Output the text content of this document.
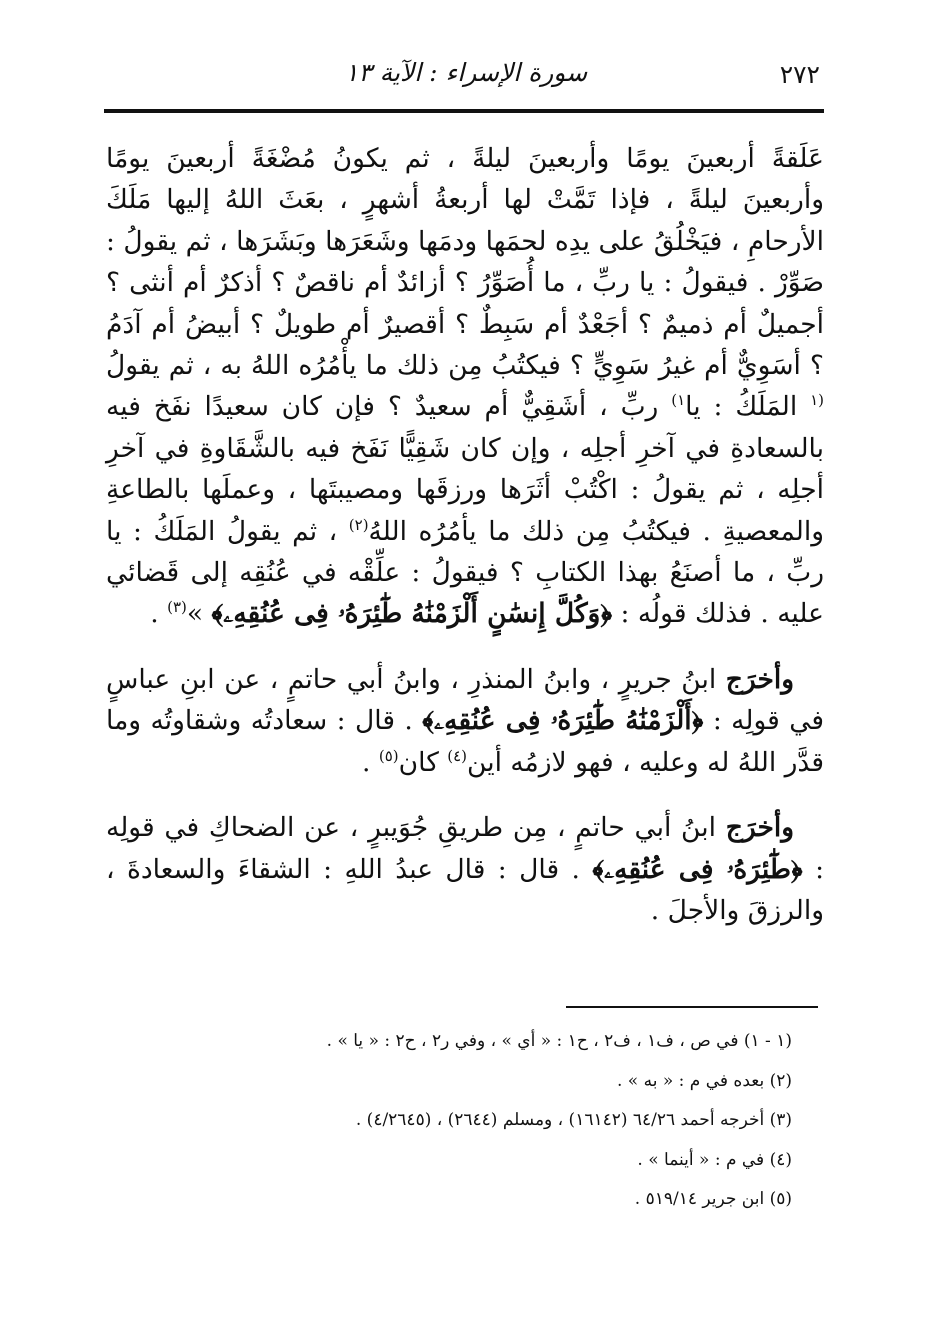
٢٧٢
سورة الإسراء : الآية ١٣

عَلَقةً أربعينَ يومًا وأربعينَ ليلةً ، ثم يكونُ مُضْغَةً أربعينَ يومًا وأربعينَ ليلةً ، فإذا تَمَّتْ لها أربعةُ أشهرٍ ، بعَثَ اللهُ إليها مَلَكَ الأرحامِ ، فيَخْلُقُ على يدِه لحمَها ودمَها وشَعَرَها وبَشَرَها ، ثم يقولُ : صَوِّرْ . فيقولُ : يا ربِّ ، ما أُصَوِّرُ ؟ أزائدٌ أم ناقصٌ ؟ أذكرٌ أم أنثى ؟ أجميلٌ أم ذميمٌ ؟ أجَعْدٌ أم سَبِطٌ ؟ أقصيرٌ أم طويلٌ ؟ أبيضُ أم آدَمُ ؟ أسَوِيٌّ أم غيرُ سَوِيٍّ ؟ فيكتُبُ مِن ذلك ما يأْمُرُه اللهُ به ، ثم يقولُ $^{(١}$ المَلَكُ : يا$^{١)}$ ربِّ ، أشَقِيٌّ أم سعيدٌ ؟ فإن كان سعيدًا نفَخ فيه بالسعادةِ في آخرِ أجلِه ، وإن كان شَقِيًّا نَفَخ فيه بالشَّقَاوةِ في آخرِ أجلِه ، ثم يقولُ : اكْتُبْ أثَرَها ورزقَها ومصيبتَها ، وعملَها بالطاعةِ والمعصيةِ . فيكتُبُ مِن ذلك ما يأمُرُه اللهُ$^{(٢)}$ ، ثم يقولُ المَلَكُ : يا ربِّ ، ما أصنَعُ بهذا الكتابِ ؟ فيقولُ : علِّقْه في عُنُقِه إلى قَضائي عليه . فذلك قولُه : ﴿وَكُلَّ إِنسَٰنٍ أَلْزَمْنَٰهُ طَٰٓئِرَهُۥ فِى عُنُقِهِۦ﴾ »$^{(٣)}$ .

وأخرَج ابنُ جريرٍ ، وابنُ المنذرِ ، وابنُ أبي حاتمٍ ، عن ابنِ عباسٍ في قولِه : ﴿أَلْزَمْنَٰهُ طَٰٓئِرَهُۥ فِى عُنُقِهِۦ﴾ . قال : سعادتُه وشقاوتُه وما قدَّر اللهُ له وعليه ، فهو لازمُه أين$^{(٤)}$ كان$^{(٥)}$ .

وأخرَج ابنُ أبي حاتمٍ ، مِن طريقِ جُوَيبرٍ ، عن الضحاكِ في قولِه : ﴿طَٰٓئِرَهُۥ فِى عُنُقِهِۦ﴾ . قال : قال عبدُ اللهِ : الشقاءَ والسعادةَ ، والرزقَ والأجلَ .

(١ - ١) في ص ، ف١ ، ف٢ ، ح١ : « أي » ، وفي ر٢ ، ح٢ : « يا » .

(٢) بعده في م : « به » .

(٣) أخرجه أحمد ٦٤/٢٦ (١٦١٤٢) ، ومسلم (٢٦٤٤) ، (٤/٢٦٤٥) .

(٤) في م : « أينما » .

(٥) ابن جرير ٥١٩/١٤ .
